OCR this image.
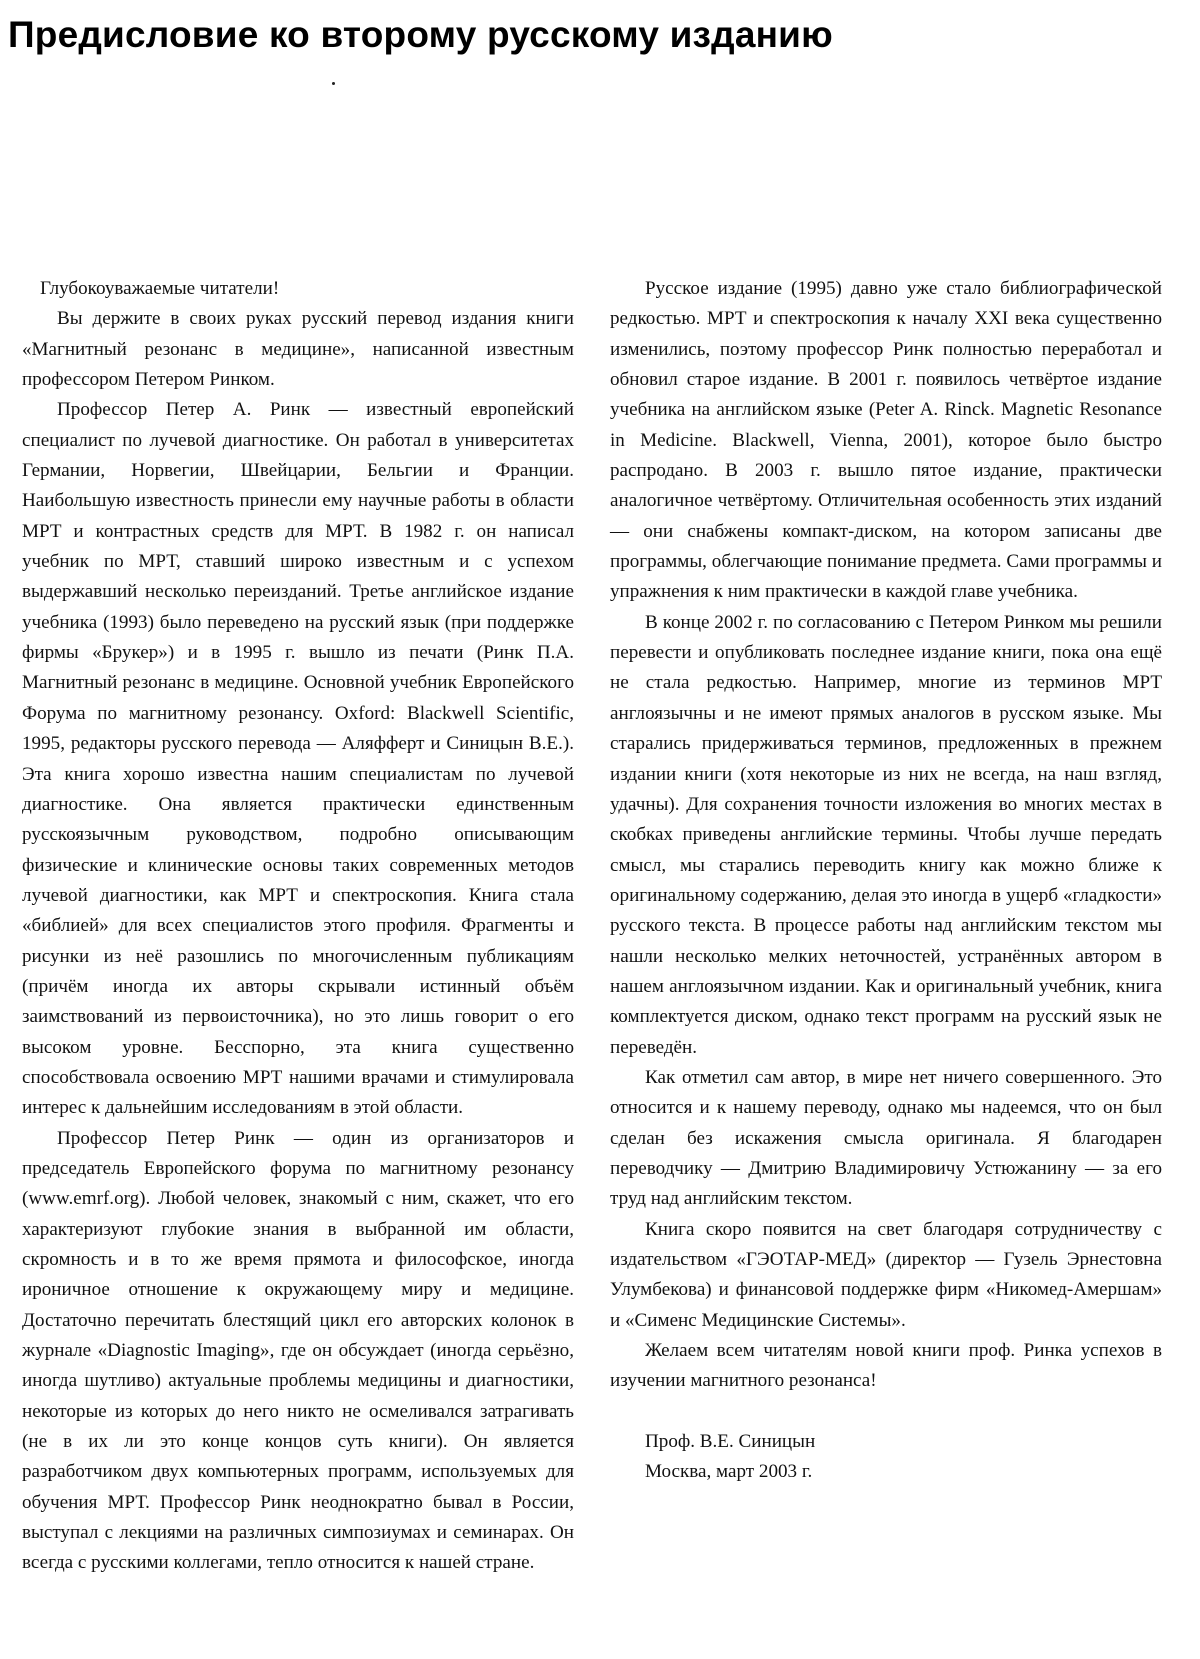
Предисловие ко второму русскому изданию

Глубокоуважаемые читатели!

Вы держите в своих руках русский перевод издания книги «Магнитный резонанс в медицине», написанной известным профессором Петером Ринком.

Профессор Петер А. Ринк — известный европейский специалист по лучевой диагностике. Он работал в университетах Германии, Норвегии, Швейцарии, Бельгии и Франции. Наибольшую известность принесли ему научные работы в области МРТ и контрастных средств для МРТ. В 1982 г. он написал учебник по МРТ, ставший широко известным и с успехом выдержавший несколько переизданий. Третье английское издание учебника (1993) было переведено на русский язык (при поддержке фирмы «Брукер») и в 1995 г. вышло из печати (Ринк П.А. Магнитный резонанс в медицине. Основной учебник Европейского Форума по магнитному резонансу. Oxford: Blackwell Scientific, 1995, редакторы русского перевода — Аляфферт и Синицын В.Е.). Эта книга хорошо известна нашим специалистам по лучевой диагностике. Она является практически единственным русскоязычным руководством, подробно описывающим физические и клинические основы таких современных методов лучевой диагностики, как МРТ и спектроскопия. Книга стала «библией» для всех специалистов этого профиля. Фрагменты и рисунки из неё разошлись по многочисленным публикациям (причём иногда их авторы скрывали истинный объём заимствований из первоисточника), но это лишь говорит о его высоком уровне. Бесспорно, эта книга существенно способствовала освоению МРТ нашими врачами и стимулировала интерес к дальнейшим исследованиям в этой области.

Профессор Петер Ринк — один из организаторов и председатель Европейского форума по магнитному резонансу (www.emrf.org). Любой человек, знакомый с ним, скажет, что его характеризуют глубокие знания в выбранной им области, скромность и в то же время прямота и философское, иногда ироничное отношение к окружающему миру и медицине. Достаточно перечитать блестящий цикл его авторских колонок в журнале «Diagnostic Imaging», где он обсуждает (иногда серьёзно, иногда шутливо) актуальные проблемы медицины и диагностики, некоторые из которых до него никто не осмеливался затрагивать (не в их ли это конце концов суть книги). Он является разработчиком двух компьютерных программ, используемых для обучения МРТ. Профессор Ринк неоднократно бывал в России, выступал с лекциями на различных симпозиумах и семинарах. Он всегда с русскими коллегами, тепло относится к нашей стране.

Русское издание (1995) давно уже стало библиографической редкостью. МРТ и спектроскопия к началу XXI века существенно изменились, поэтому профессор Ринк полностью переработал и обновил старое издание. В 2001 г. появилось четвёртое издание учебника на английском языке (Peter A. Rinck. Magnetic Resonance in Medicine. Blackwell, Vienna, 2001), которое было быстро распродано. В 2003 г. вышло пятое издание, практически аналогичное четвёртому. Отличительная особенность этих изданий — они снабжены компакт-диском, на котором записаны две программы, облегчающие понимание предмета. Сами программы и упражнения к ним практически в каждой главе учебника.

В конце 2002 г. по согласованию с Петером Ринком мы решили перевести и опубликовать последнее издание книги, пока она ещё не стала редкостью. Например, многие из терминов МРТ англоязычны и не имеют прямых аналогов в русском языке. Мы старались придерживаться терминов, предложенных в прежнем издании книги (хотя некоторые из них не всегда, на наш взгляд, удачны). Для сохранения точности изложения во многих местах в скобках приведены английские термины. Чтобы лучше передать смысл, мы старались переводить книгу как можно ближе к оригинальному содержанию, делая это иногда в ущерб «гладкости» русского текста. В процессе работы над английским текстом мы нашли несколько мелких неточностей, устранённых автором в нашем англоязычном издании. Как и оригинальный учебник, книга комплектуется диском, однако текст программ на русский язык не переведён.

Как отметил сам автор, в мире нет ничего совершенного. Это относится и к нашему переводу, однако мы надеемся, что он был сделан без искажения смысла оригинала. Я благодарен переводчику — Дмитрию Владимировичу Устюжанину — за его труд над английским текстом.

Книга скоро появится на свет благодаря сотрудничеству с издательством «ГЭОТАР-МЕД» (директор — Гузель Эрнестовна Улумбекова) и финансовой поддержке фирм «Никомед-Амершам» и «Сименс Медицинские Системы».

Желаем всем читателям новой книги проф. Ринка успехов в изучении магнитного резонанса!

Проф. В.Е. Синицын
Москва, март 2003 г.
